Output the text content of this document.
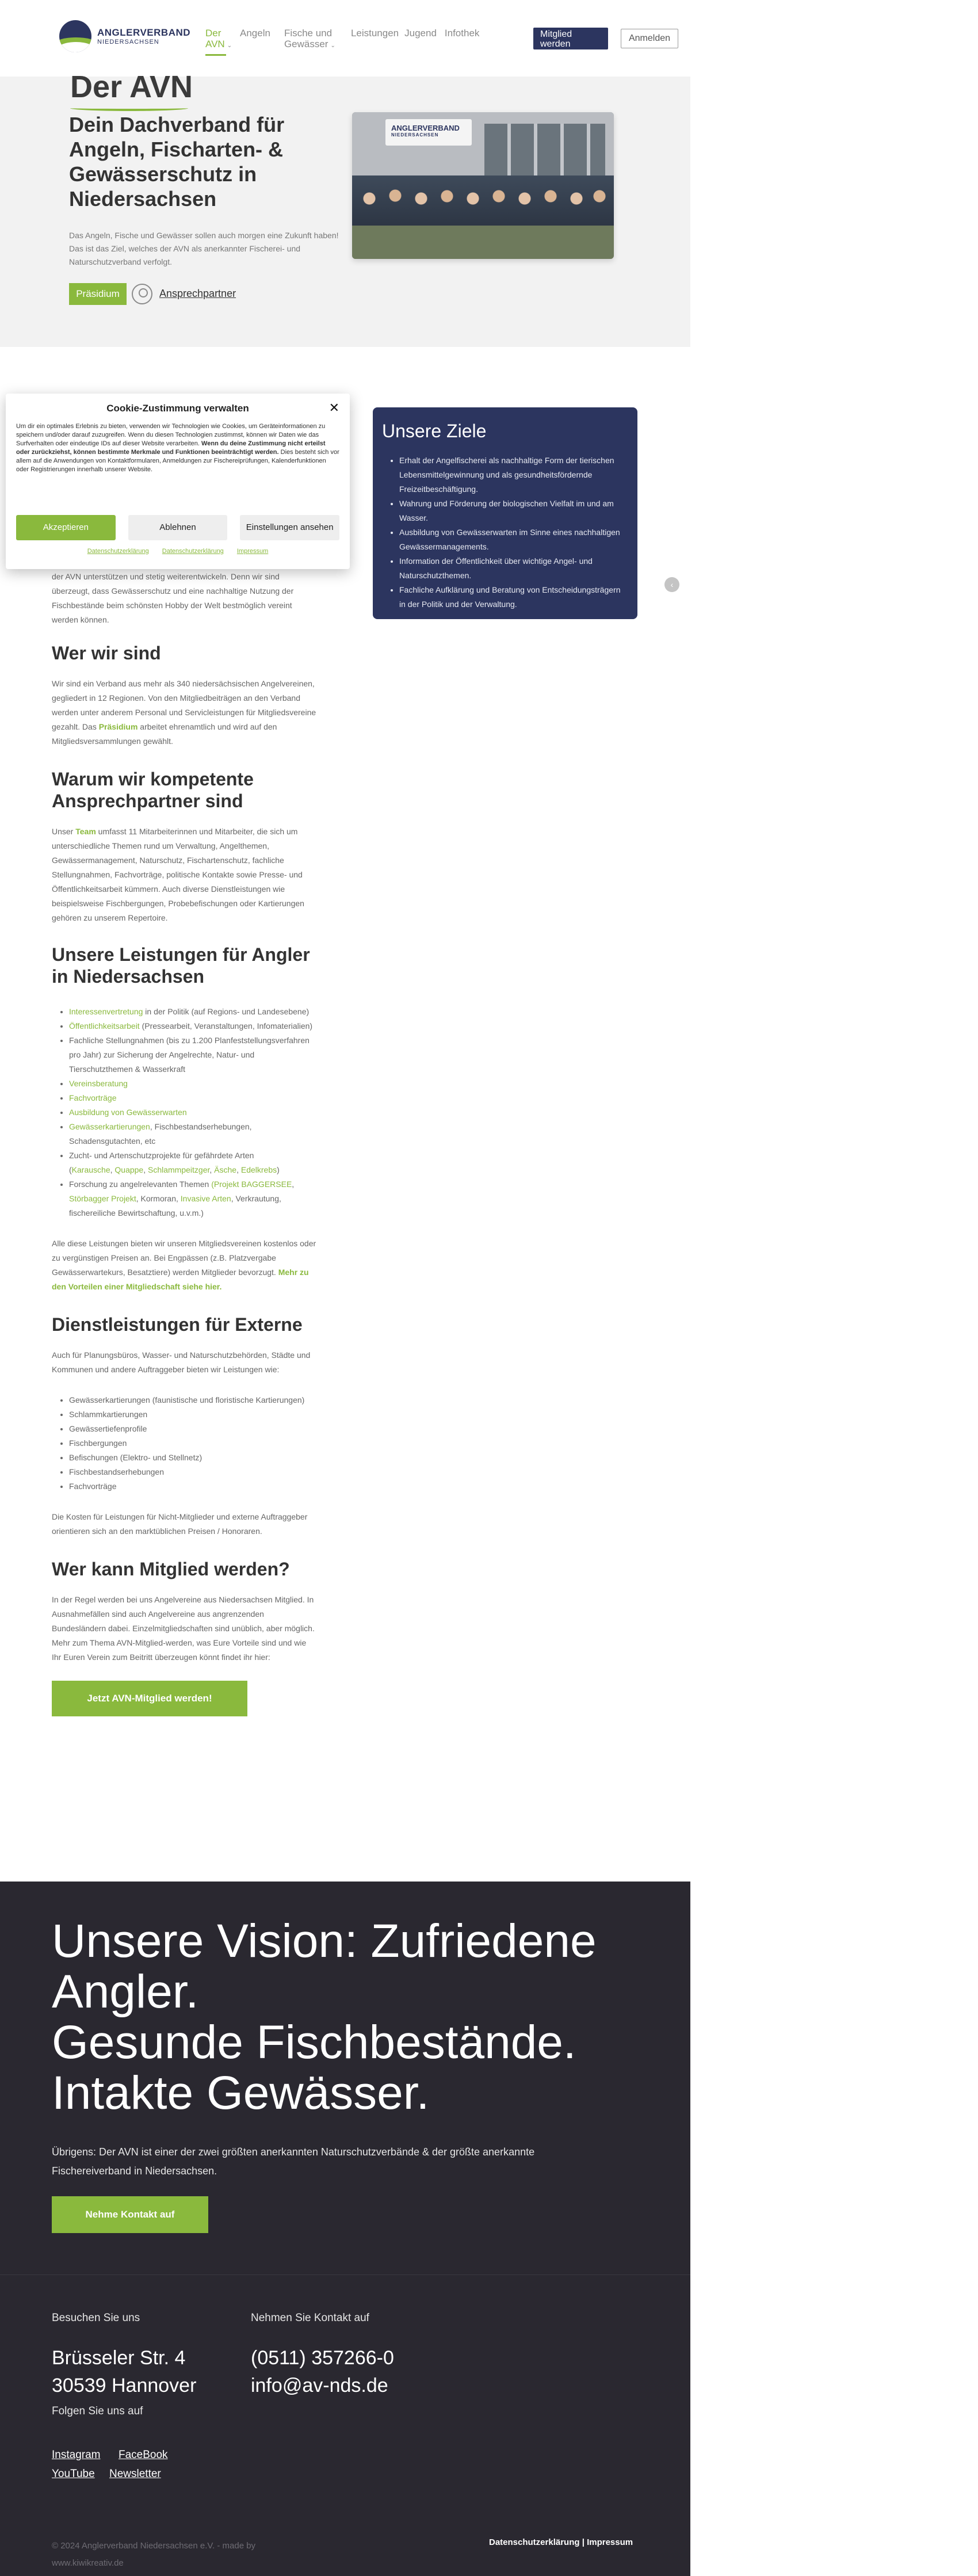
ANGLERVERBAND
NIEDERSACHSEN
Der AVN ⌄
Angeln Fische und Gewässer ⌄
Leistungen Jugend Infothek	Mitglied werden
Anmelden
Der AVN
Dein Dachverband für Angeln, Fischarten- & Gewässerschutz in Niedersachsen
Das Angeln, Fische und Gewässer sollen auch morgen eine Zukunft haben! Das ist das Ziel, welches der AVN als anerkannter Fischerei- und Naturschutzverband verfolgt.
Präsidium	Ansprechpartner
ANGLERVERBAND
NIEDERSACHSEN
Unsere Ziele
• Erhalt der Angelfischerei als nachhaltige Form der tierischen Lebensmittelgewinnung und als gesundheitsfördernde Freizeitbeschäftigung.
• Wahrung und Förderung der biologischen Vielfalt im und am Wasser.
• Ausbildung von Gewässerwarten im Sinne eines nachhaltigen Gewässermanagements.
• Information der Öffentlichkeit über wichtige Angel- und Naturschutzthemen.
• Fachliche Aufklärung und Beratung von Entscheidungsträgern in der Politik und der Verwaltung.
‹
Cookie-Zustimmung verwalten	✕
Um dir ein optimales Erlebnis zu bieten, verwenden wir Technologien wie Cookies, um Geräteinformationen zu speichern und/oder darauf zuzugreifen. Wenn du diesen Technologien zustimmst, können wir Daten wie das Surfverhalten oder eindeutige IDs auf dieser Website verarbeiten. Wenn du deine Zustimmung nicht erteilst oder zurückziehst, können bestimmte Merkmale und Funktionen beeinträchtigt werden. Dies besteht sich vor allem auf die Anwendungen von Kontaktformularen, Anmeldungen zur Fischereiprüfungen, Kalenderfunktionen oder Registrierungen innerhalb unserer Website.
Akzeptieren	Ablehnen	Einstellungen ansehen
Datenschutzerklärung Datenschutzerklärung Impressum

der AVN unterstützen und stetig weiterentwickeln. Denn wir sind überzeugt, dass Gewässerschutz und eine nachhaltige Nutzung der Fischbestände beim schönsten Hobby der Welt bestmöglich vereint werden können.

Wer wir sind

Wir sind ein Verband aus mehr als 340 niedersächsischen Angelvereinen, gegliedert in 12 Regionen. Von den Mitgliedbeiträgen an den Verband werden unter anderem Personal und Servicleistungen für Mitgliedsvereine gezahlt. Das Präsidium arbeitet ehrenamtlich und wird auf den Mitgliedsversammlungen gewählt.

Warum wir kompetente Ansprechpartner sind

Unser Team umfasst 11 Mitarbeiterinnen und Mitarbeiter, die sich um unterschiedliche Themen rund um Verwaltung, Angelthemen, Gewässermanagement, Naturschutz, Fischartenschutz, fachliche Stellungnahmen, Fachvorträge, politische Kontakte sowie Presse- und Öffentlichkeitsarbeit kümmern. Auch diverse Dienstleistungen wie beispielsweise Fischbergungen, Probebefischungen oder Kartierungen gehören zu unserem Repertoire.

Unsere Leistungen für Angler in Niedersachsen
• Interessenvertretung in der Politik (auf Regions- und Landesebene)
• Öffentlichkeitsarbeit (Pressearbeit, Veranstaltungen, Infomaterialien)
• Fachliche Stellungnahmen (bis zu 1.200 Planfeststellungsverfahren pro Jahr) zur Sicherung der Angelrechte, Natur- und Tierschutzthemen & Wasserkraft
• Vereinsberatung
• Fachvorträge
• Ausbildung von Gewässerwarten
• Gewässerkartierungen, Fischbestandserhebungen, Schadensgutachten, etc
• Zucht- und Artenschutzprojekte für gefährdete Arten
(Karausche, Quappe, Schlammpeitzger, Äsche, Edelkrebs)
• Forschung zu angelrelevanten Themen (Projekt BAGGERSEE, Störbagger Projekt, Kormoran, Invasive Arten, Verkrautung, fischereiliche Bewirtschaftung, u.v.m.)

Alle diese Leistungen bieten wir unseren Mitgliedsvereinen kostenlos oder zu vergünstigen Preisen an. Bei Engpässen (z.B. Platzvergabe Gewässerwartekurs, Besatztiere) werden Mitglieder bevorzugt. Mehr zu den Vorteilen einer Mitgliedschaft siehe hier.

Dienstleistungen für Externe

Auch für Planungsbüros, Wasser- und Naturschutzbehörden, Städte und Kommunen und andere Auftraggeber bieten wir Leistungen wie:

• Gewässerkartierungen (faunistische und floristische Kartierungen)
• Schlammkartierungen
• Gewässertiefenprofile
• Fischbergungen
• Befischungen (Elektro- und Stellnetz)
• Fischbestandserhebungen
• Fachvorträge

Die Kosten für Leistungen für Nicht-Mitglieder und externe Auftraggeber orientieren sich an den marktüblichen Preisen / Honoraren.

Wer kann Mitglied werden?

In der Regel werden bei uns Angelvereine aus Niedersachsen Mitglied. In Ausnahmefällen sind auch Angelvereine aus angrenzenden Bundesländern dabei. Einzelmitgliedschaften sind unüblich, aber möglich.

Mehr zum Thema AVN-Mitglied-werden, was Eure Vorteile sind und wie Ihr Euren Verein zum Beitritt überzeugen könnt findet ihr hier:

Jetzt AVN-Mitglied werden!
Unsere Vision: Zufriedene Angler.
Gesunde Fischbestände.
Intakte Gewässer.
Übrigens: Der AVN ist einer der zwei größten anerkannten Naturschutzverbände & der größte anerkannte Fischereiverband in Niedersachsen.
Nehme Kontakt auf
Besuchen Sie uns
Brüsseler Str. 4
30539 Hannover
Nehmen Sie Kontakt auf
(0511) 357266-0
info@av-nds.de
Folgen Sie uns auf
Instagram FaceBook
YouTube Newsletter
© 2024 Anglerverband Niedersachsen e.V. - made by www.kiwikreativ.de
Datenschutzerklärung | Impressum
